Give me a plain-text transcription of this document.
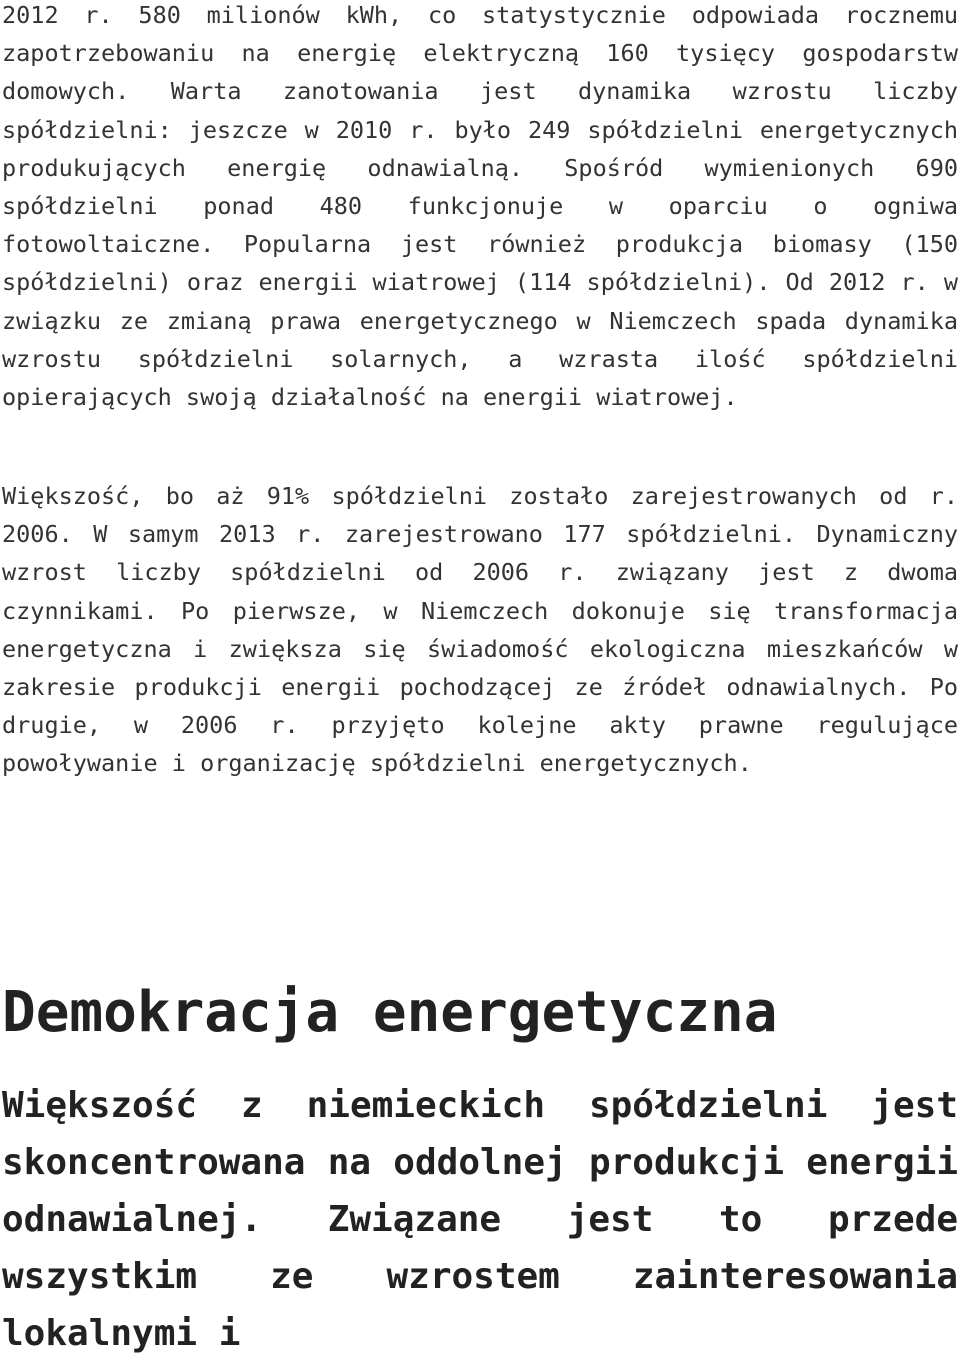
2012 r. 580 milionów kWh, co statystycznie odpowiada rocznemu zapotrzebowaniu na energię elektryczną 160 tysięcy gospodarstw domowych. Warta zanotowania jest dynamika wzrostu liczby spółdzielni: jeszcze w 2010 r. było 249 spółdzielni energetycznych produkujących energię odnawialną. Spośród wymienionych 690 spółdzielni ponad 480 funkcjonuje w oparciu o ogniwa fotowoltaiczne. Popularna jest również produkcja biomasy (150 spółdzielni) oraz energii wiatrowej (114 spółdzielni). Od 2012 r. w związku ze zmianą prawa energetycznego w Niemczech spada dynamika wzrostu spółdzielni solarnych, a wzrasta ilość spółdzielni opierających swoją działalność na energii wiatrowej.

Większość, bo aż 91% spółdzielni zostało zarejestrowanych od r. 2006. W samym 2013 r. zarejestrowano 177 spółdzielni. Dynamiczny wzrost liczby spółdzielni od 2006 r. związany jest z dwoma czynnikami. Po pierwsze, w Niemczech dokonuje się transformacja energetyczna i zwiększa się świadomość ekologiczna mieszkańców w zakresie produkcji energii pochodzącej ze źródeł odnawialnych. Po drugie, w 2006 r. przyjęto kolejne akty prawne regulujące powoływanie i organizację spółdzielni energetycznych.

Demokracja energetyczna

Większość z niemieckich spółdzielni jest skoncentrowana na oddolnej produkcji energii odnawialnej. Związane jest to przede wszystkim ze wzrostem zainteresowania lokalnymi i
